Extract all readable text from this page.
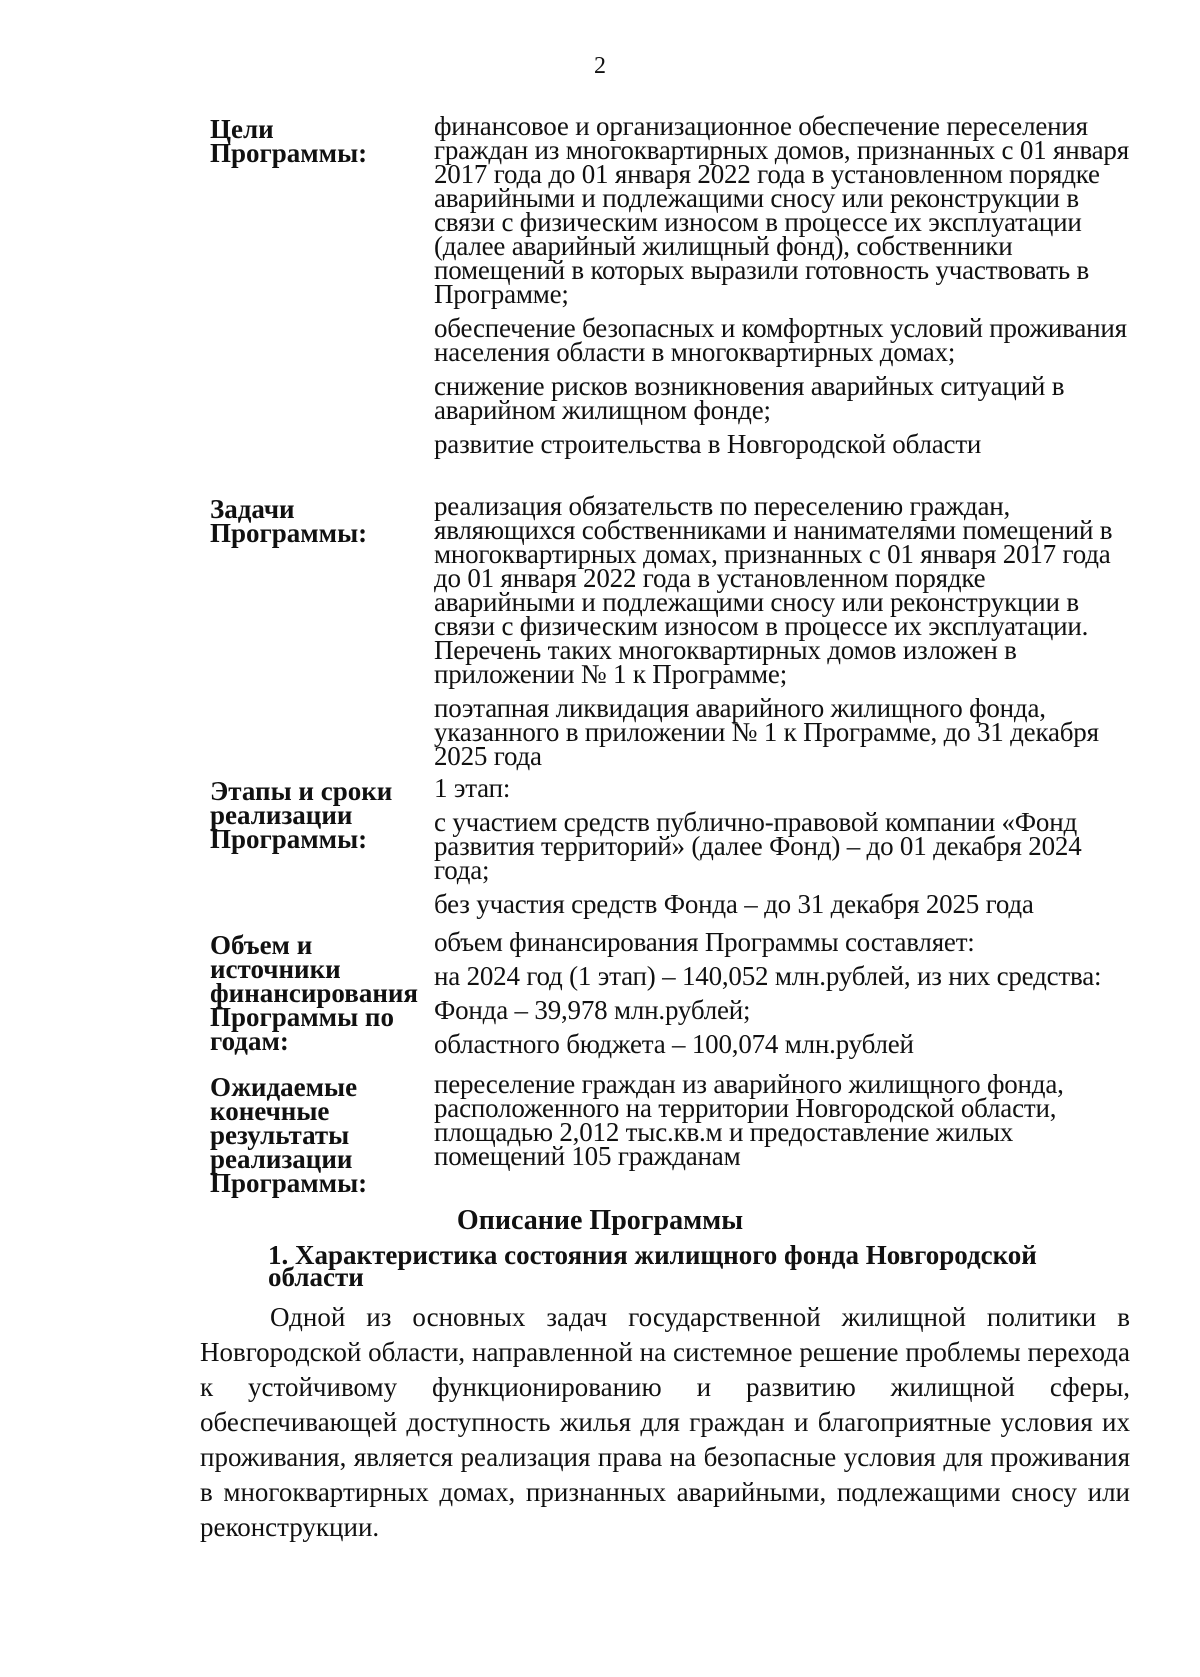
2
Цели Программы:

финансовое и организационное обеспечение переселения граждан из многоквартирных домов, признанных с 01 января 2017 года до 01 января 2022 года в установленном порядке аварийными и подлежащими сносу или реконструкции в связи с физическим износом в процессе их эксплуатации (далее аварийный жилищный фонд), собственники помещений в которых выразили готовность участвовать в Программе;

обеспечение безопасных и комфортных условий проживания населения области в многоквартирных домах;

снижение рисков возникновения аварийных ситуаций в аварийном жилищном фонде;

развитие строительства в Новгородской области

Задачи Программы:

реализация обязательств по переселению граждан, являющихся собственниками и нанимателями помещений в многоквартирных домах, признанных с 01 января 2017 года до 01 января 2022 года в установленном порядке аварийными и подлежащими сносу или реконструкции в связи с физическим износом в процессе их эксплуатации. Перечень таких многоквартирных домов изложен в приложении № 1 к Программе;

поэтапная ликвидация аварийного жилищного фонда, указанного в приложении № 1 к Программе, до 31 декабря 2025 года

Этапы и сроки реализации Программы:

1 этап:

с участием средств публично-правовой компании «Фонд развития территорий» (далее Фонд) – до 01 декабря 2024 года;

без участия средств Фонда – до 31 декабря 2025 года

Объем и источники финансирования Программы по годам:

объем финансирования Программы составляет:

на 2024 год (1 этап) – 140,052 млн.рублей, из них средства:

Фонда – 39,978 млн.рублей;

областного бюджета – 100,074 млн.рублей

Ожидаемые конечные результаты реализации Программы:

переселение граждан из аварийного жилищного фонда, расположенного на территории Новгородской области, площадью 2,012 тыс.кв.м и предоставление жилых помещений 105 гражданам

Описание Программы
1. Характеристика состояния жилищного фонда Новгородской области

Одной из основных задач государственной жилищной политики в Новгородской области, направленной на системное решение проблемы перехода к устойчивому функционированию и развитию жилищной сферы, обеспечивающей доступность жилья для граждан и благоприятные условия их проживания, является реализация права на безопасные условия для проживания в многоквартирных домах, признанных аварийными, подлежащими сносу или реконструкции.
